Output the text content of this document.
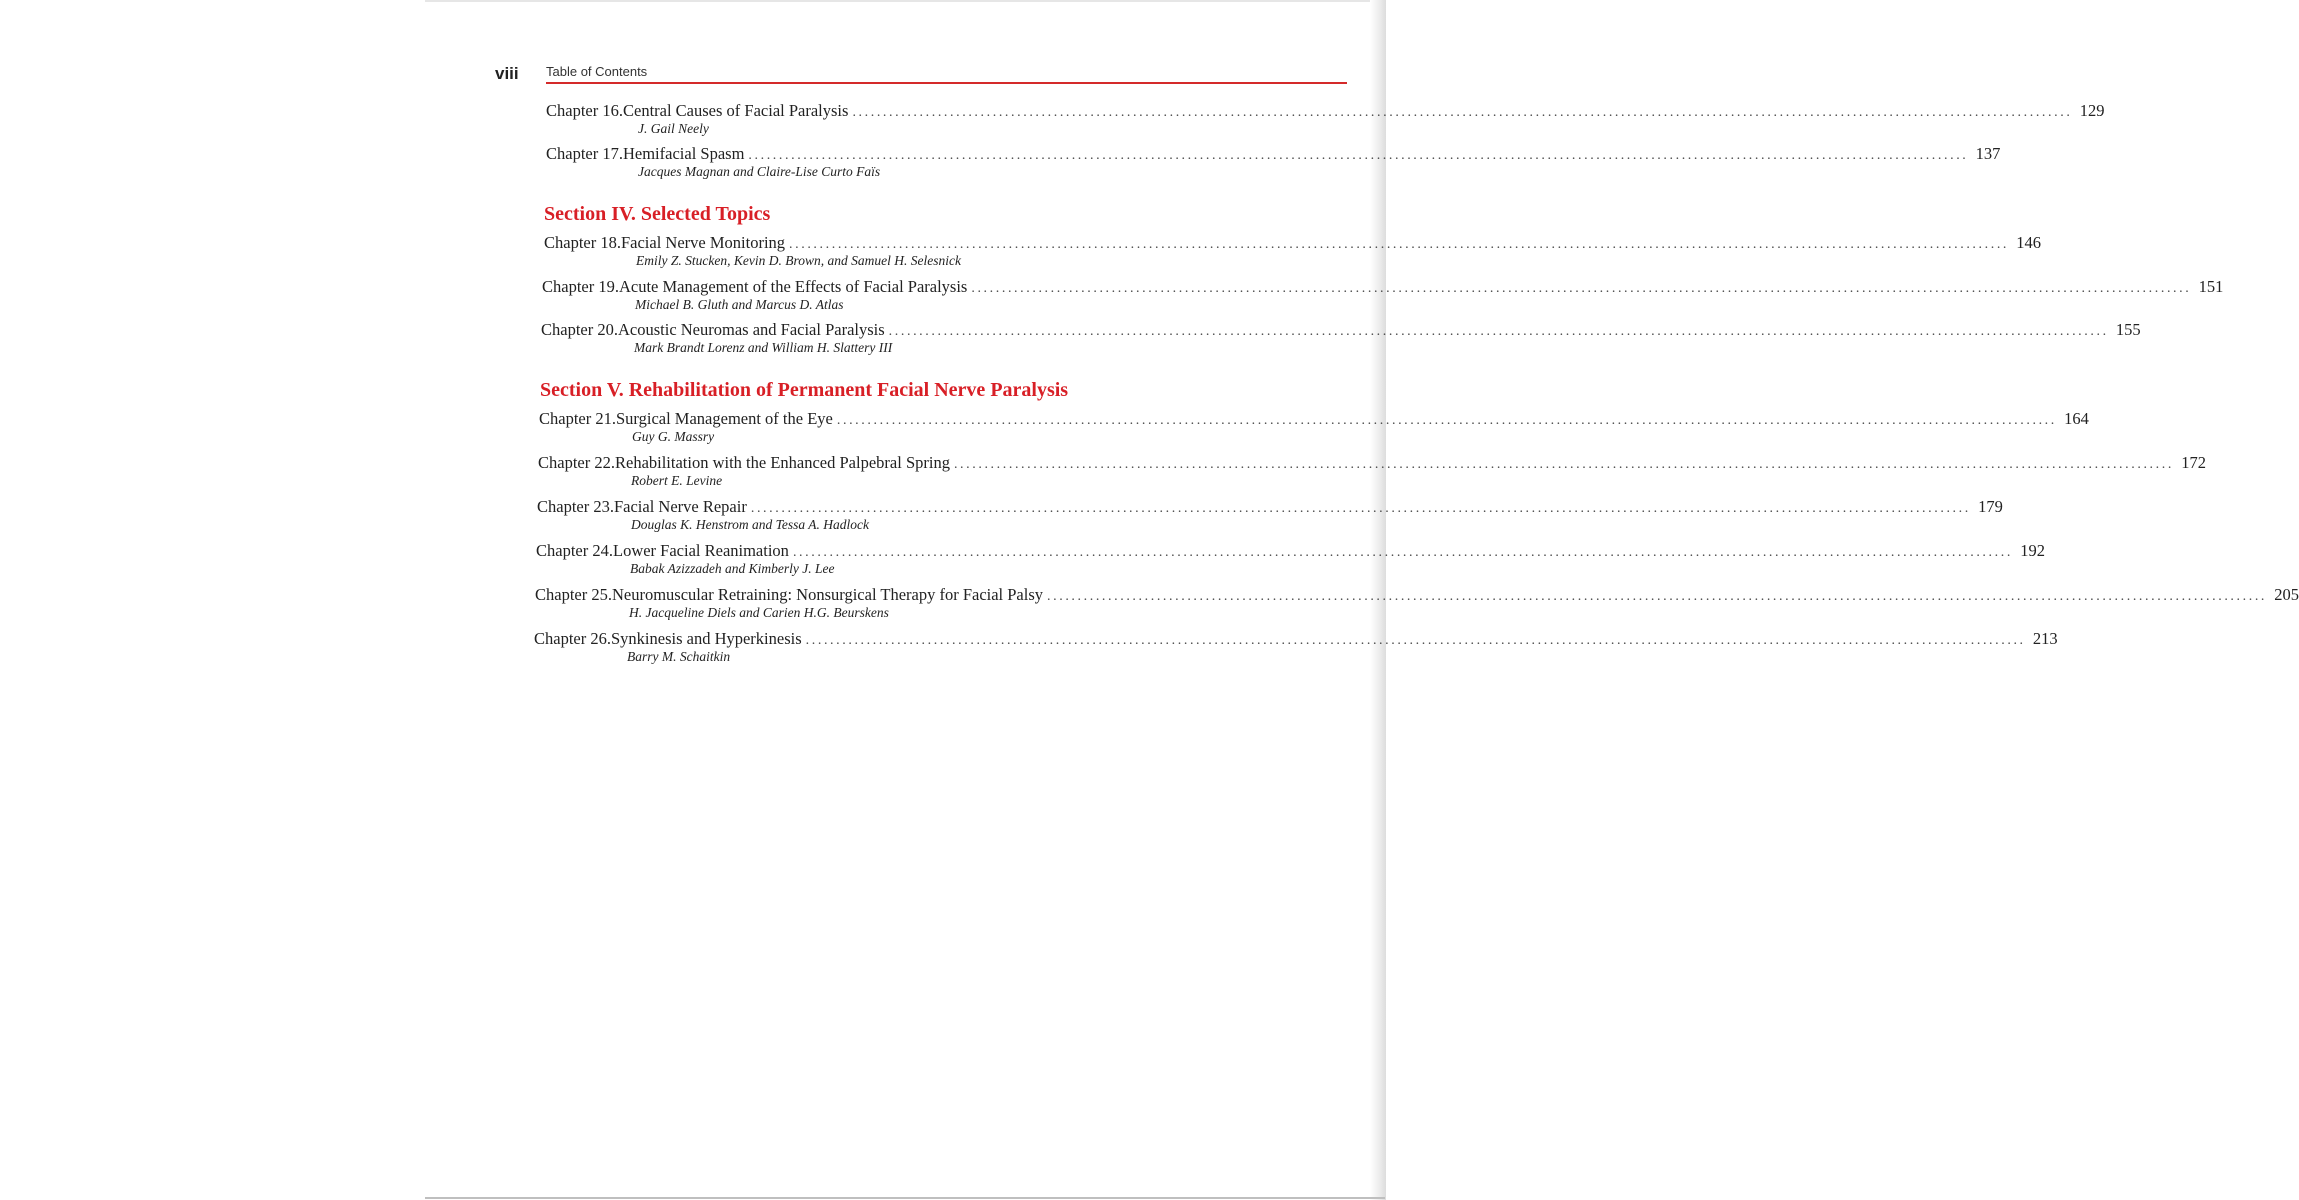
viii Table of Contents
Chapter 16. Central Causes of Facial Paralysis ........................................................................................................................................................................................................ 129
J. Gail Neely
Chapter 17. Hemifacial Spasm ........................................................................................................................................................................................................ 137
Jacques Magnan and Claire-Lise Curto Faïs
Section IV. Selected Topics
Chapter 18. Facial Nerve Monitoring ........................................................................................................................................................................................................ 146
Emily Z. Stucken, Kevin D. Brown, and Samuel H. Selesnick
Chapter 19. Acute Management of the Effects of Facial Paralysis ........................................................................................................................................................................................................ 151
Michael B. Gluth and Marcus D. Atlas
Chapter 20. Acoustic Neuromas and Facial Paralysis ........................................................................................................................................................................................................ 155
Mark Brandt Lorenz and William H. Slattery III
Section V. Rehabilitation of Permanent Facial Nerve Paralysis
Chapter 21. Surgical Management of the Eye ........................................................................................................................................................................................................ 164
Guy G. Massry
Chapter 22. Rehabilitation with the Enhanced Palpebral Spring ........................................................................................................................................................................................................ 172
Robert E. Levine
Chapter 23. Facial Nerve Repair ........................................................................................................................................................................................................ 179
Douglas K. Henstrom and Tessa A. Hadlock
Chapter 24. Lower Facial Reanimation ........................................................................................................................................................................................................ 192
Babak Azizzadeh and Kimberly J. Lee
Chapter 25. Neuromuscular Retraining: Nonsurgical Therapy for Facial Palsy ........................................................................................................................................................................................................ 205
H. Jacqueline Diels and Carien H.G. Beurskens
Chapter 26. Synkinesis and Hyperkinesis ........................................................................................................................................................................................................ 213
Barry M. Schaitkin
